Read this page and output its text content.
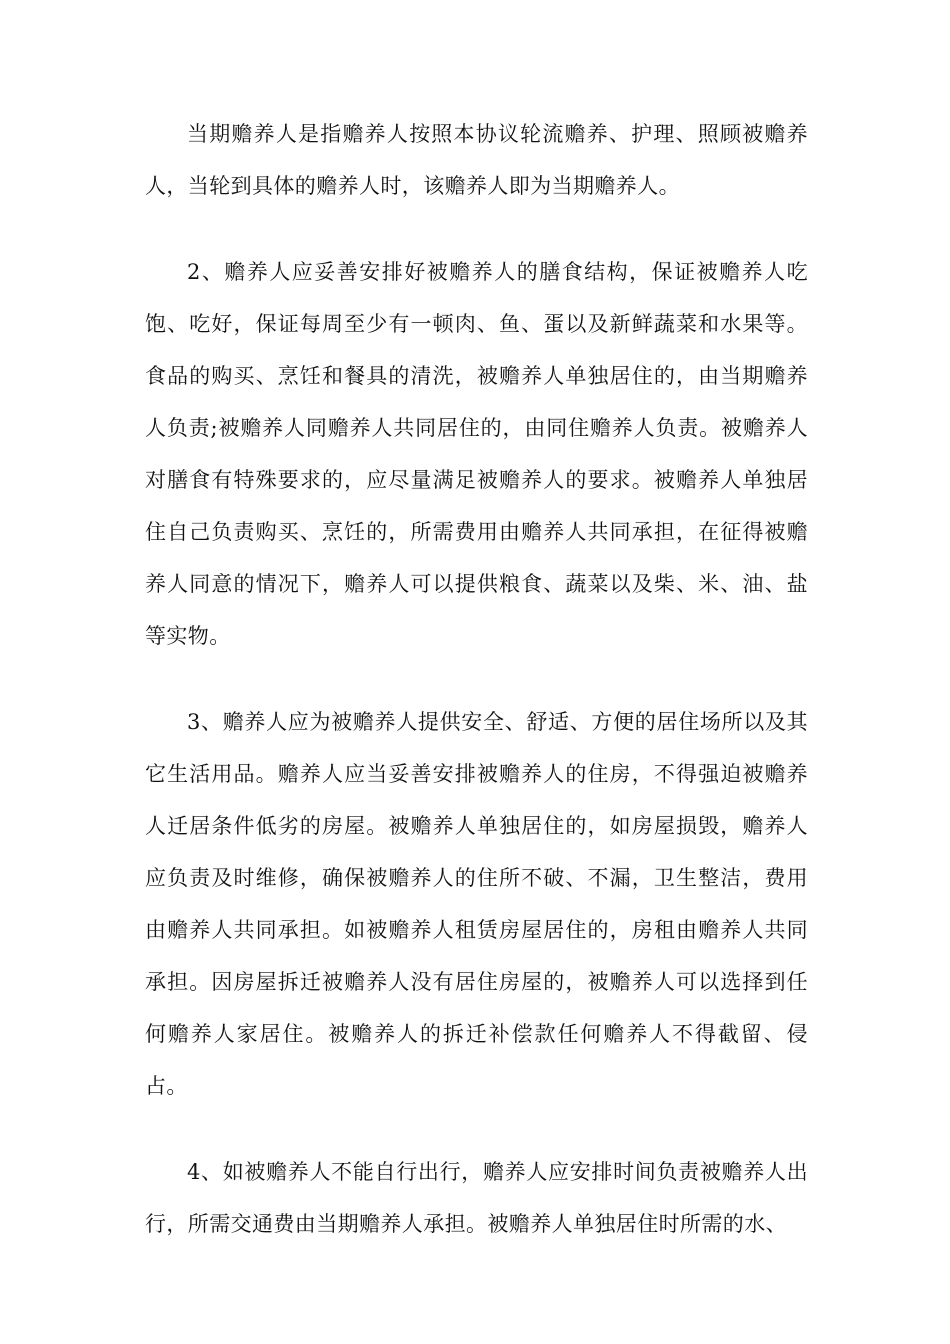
当期赡养人是指赡养人按照本协议轮流赡养、护理、照顾被赡养人，当轮到具体的赡养人时，该赡养人即为当期赡养人。

2、赡养人应妥善安排好被赡养人的膳食结构，保证被赡养人吃饱、吃好，保证每周至少有一顿肉、鱼、蛋以及新鲜蔬菜和水果等。食品的购买、烹饪和餐具的清洗，被赡养人单独居住的，由当期赡养人负责;被赡养人同赡养人共同居住的，由同住赡养人负责。被赡养人对膳食有特殊要求的，应尽量满足被赡养人的要求。被赡养人单独居住自己负责购买、烹饪的，所需费用由赡养人共同承担，在征得被赡养人同意的情况下，赡养人可以提供粮食、蔬菜以及柴、米、油、盐等实物。

3、赡养人应为被赡养人提供安全、舒适、方便的居住场所以及其它生活用品。赡养人应当妥善安排被赡养人的住房，不得强迫被赡养人迁居条件低劣的房屋。被赡养人单独居住的，如房屋损毁，赡养人应负责及时维修，确保被赡养人的住所不破、不漏，卫生整洁，费用由赡养人共同承担。如被赡养人租赁房屋居住的，房租由赡养人共同承担。因房屋拆迁被赡养人没有居住房屋的，被赡养人可以选择到任何赡养人家居住。被赡养人的拆迁补偿款任何赡养人不得截留、侵占。

4、如被赡养人不能自行出行，赡养人应安排时间负责被赡养人出行，所需交通费由当期赡养人承担。被赡养人单独居住时所需的水、
